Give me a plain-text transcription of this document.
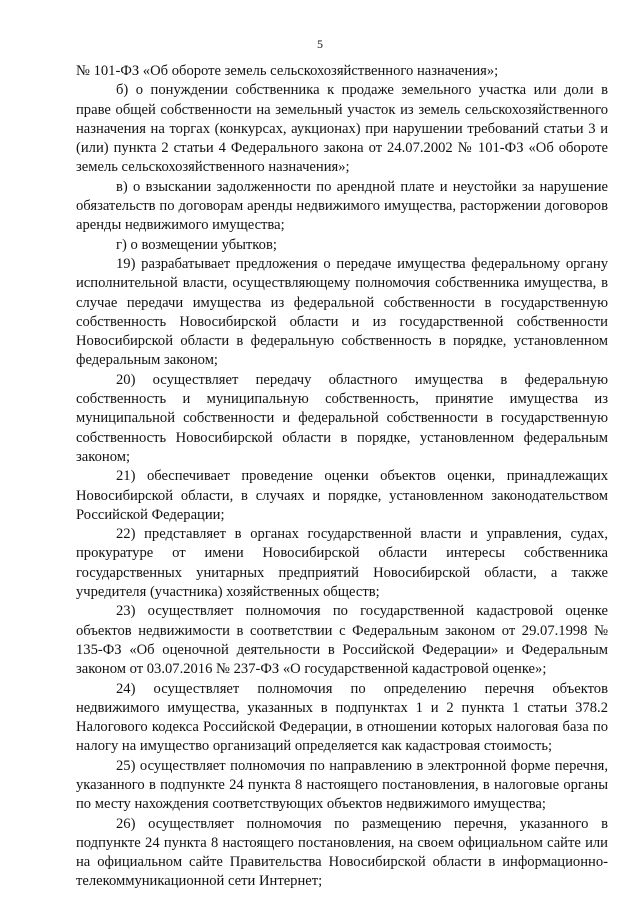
5

№ 101-ФЗ «Об обороте земель сельскохозяйственного назначения»;

б) о понуждении собственника к продаже земельного участка или доли в праве общей собственности на земельный участок из земель сельскохозяйственного назначения на торгах (конкурсах, аукционах) при нарушении требований статьи 3 и (или) пункта 2 статьи 4 Федерального закона от 24.07.2002 № 101-ФЗ «Об обороте земель сельскохозяйственного назначения»;

в) о взыскании задолженности по арендной плате и неустойки за нарушение обязательств по договорам аренды недвижимого имущества, расторжении договоров аренды недвижимого имущества;

г) о возмещении убытков;

19) разрабатывает предложения о передаче имущества федеральному органу исполнительной власти, осуществляющему полномочия собственника имущества, в случае передачи имущества из федеральной собственности в государственную собственность Новосибирской области и из государственной собственности Новосибирской области в федеральную собственность в порядке, установленном федеральным законом;

20) осуществляет передачу областного имущества в федеральную собственность и муниципальную собственность, принятие имущества из муниципальной собственности и федеральной собственности в государственную собственность Новосибирской области в порядке, установленном федеральным законом;

21) обеспечивает проведение оценки объектов оценки, принадлежащих Новосибирской области, в случаях и порядке, установленном законодательством Российской Федерации;

22) представляет в органах государственной власти и управления, судах, прокуратуре от имени Новосибирской области интересы собственника государственных унитарных предприятий Новосибирской области, а также учредителя (участника) хозяйственных обществ;

23) осуществляет полномочия по государственной кадастровой оценке объектов недвижимости в соответствии с Федеральным законом от 29.07.1998 № 135-ФЗ «Об оценочной деятельности в Российской Федерации» и Федеральным законом от 03.07.2016 № 237-ФЗ «О государственной кадастровой оценке»;

24) осуществляет полномочия по определению перечня объектов недвижимого имущества, указанных в подпунктах 1 и 2 пункта 1 статьи 378.2 Налогового кодекса Российской Федерации, в отношении которых налоговая база по налогу на имущество организаций определяется как кадастровая стоимость;

25) осуществляет полномочия по направлению в электронной форме перечня, указанного в подпункте 24 пункта 8 настоящего постановления, в налоговые органы по месту нахождения соответствующих объектов недвижимого имущества;

26) осуществляет полномочия по размещению перечня, указанного в подпункте 24 пункта 8 настоящего постановления, на своем официальном сайте или на официальном сайте Правительства Новосибирской области в информационно-телекоммуникационной сети Интернет;
